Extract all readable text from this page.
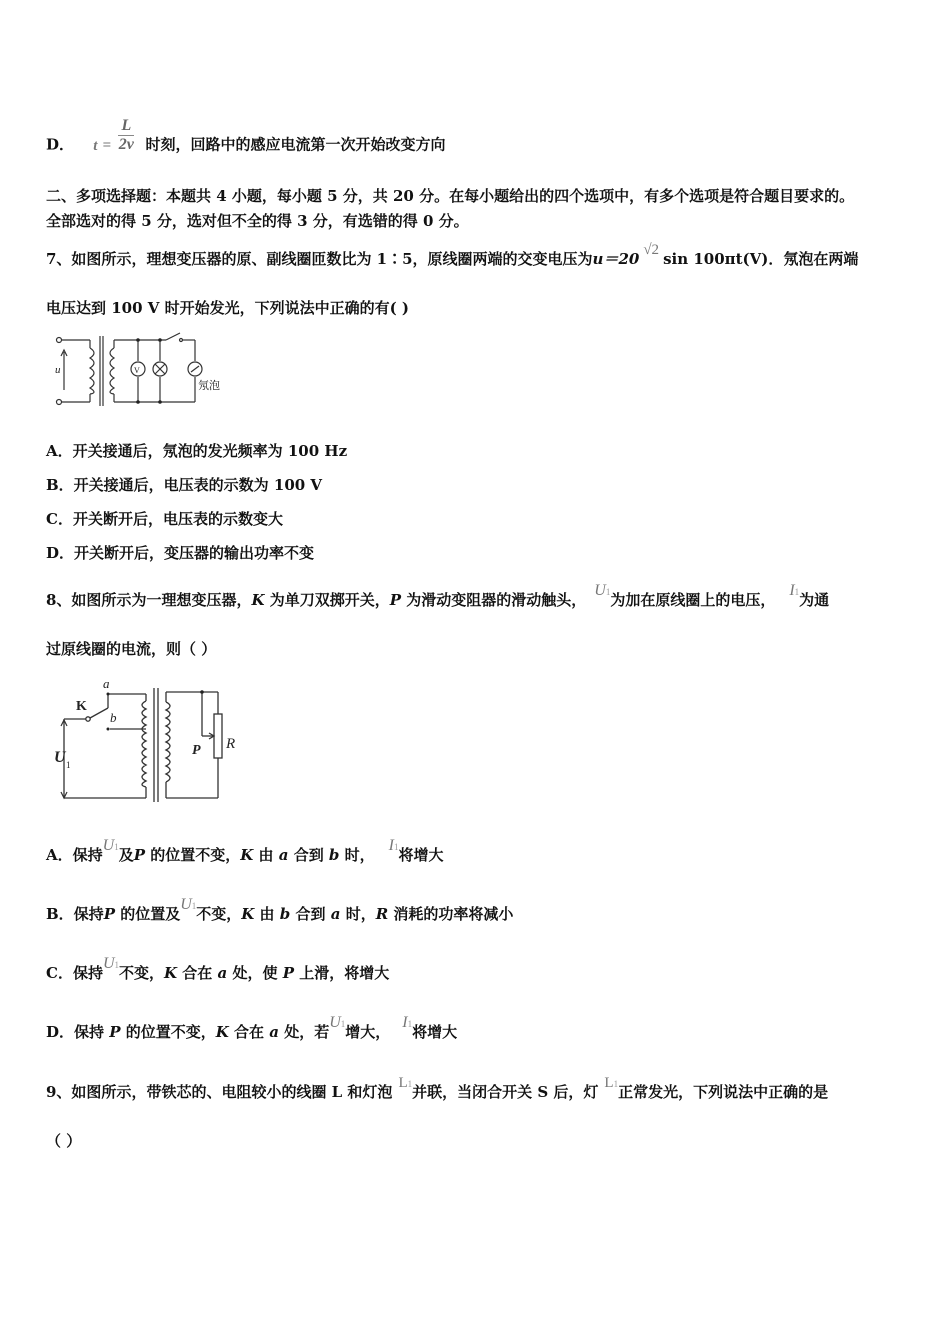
D． $t = \frac{L}{2v}$ 时刻，回路中的感应电流第一次开始改变方向
二、多项选择题：本题共 4 小题，每小题 5 分，共 20 分。在每小题给出的四个选项中，有多个选项是符合题目要求的。
全部选对的得 5 分，选对但不全的得 3 分，有选错的得 0 分。
7、如图所示，理想变压器的原、副线圈匝数比为 1∶5，原线圈两端的交变电压为u＝20 √2 sin 100πt(V)．氖泡在两端
电压达到 100 V 时开始发光，下列说法中正确的有( )
u	V
氖泡
A．开关接通后，氖泡的发光频率为 100 Hz
B．开关接通后，电压表的示数为 100 V
C．开关断开后，电压表的示数变大
D．开关断开后，变压器的输出功率不变
8、如图所示为一理想变压器，K 为单刀双掷开关，P 为滑动变阻器的滑动触头，U1为加在原线圈上的电压，I1为通
过原线圈的电流，则（ ）
K
a
b
U 1
P R
A．保持U1及P 的位置不变，K 由 a 合到 b 时，I1将增大
B．保持P 的位置及U1不变，K 由 b 合到 a 时，R 消耗的功率将减小
C．保持U1不变，K 合在 a 处，使 P 上滑，将增大
D．保持 P 的位置不变，K 合在 a 处，若U1增大，I1将增大
9、如图所示，带铁芯的、电阻较小的线圈 L 和灯泡 L1并联，当闭合开关 S 后，灯 L1正常发光，下列说法中正确的是
（ ）
